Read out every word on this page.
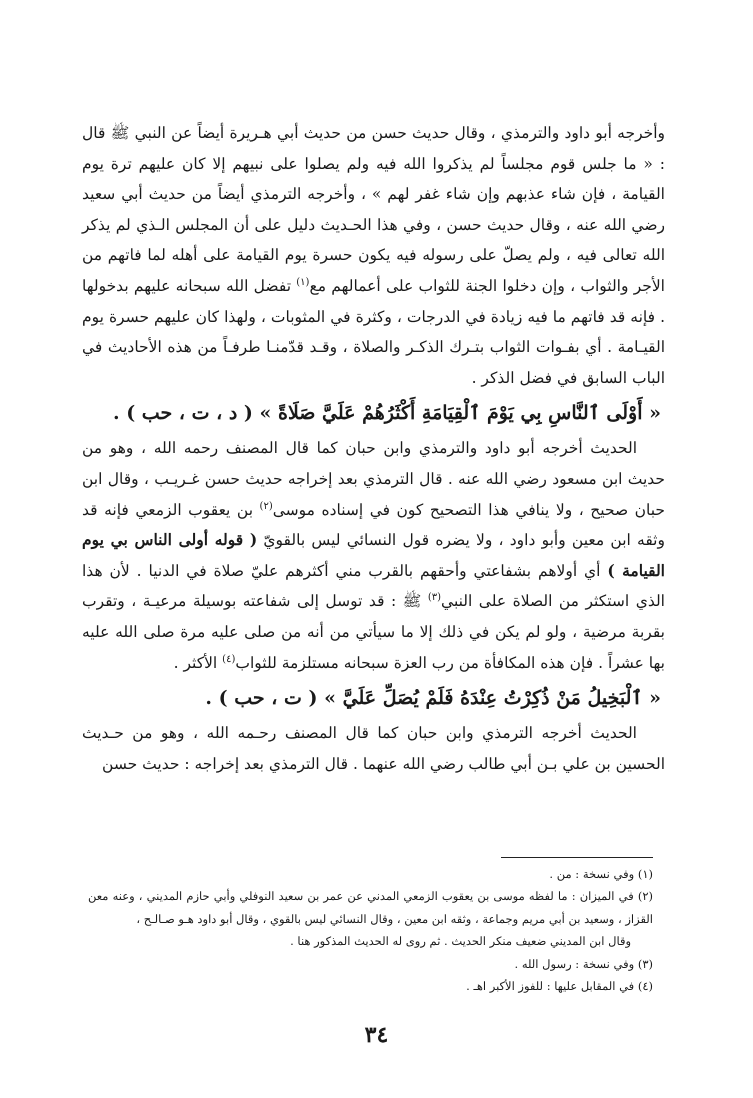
وأخرجه أبو داود والترمذي ، وقال حديث حسن من حديث أبي هـريرة أيضاً عن النبي ﷺ قال : « ما جلس قوم مجلساً لم يذكروا الله فيه ولم يصلوا على نبيهم إلا كان عليهم ترة يوم القيامة ، فإن شاء عذبهم وإن شاء غفر لهم » ، وأخرجه الترمذي أيضاً من حديث أبي سعيد رضي الله عنه ، وقال حديث حسن ، وفي هذا الحـديث دليل على أن المجلس الـذي لم يذكر الله تعالى فيه ، ولم يصلّ على رسوله فيه يكون حسرة يوم القيامة على أهله لما فاتهم من الأجر والثواب ، وإن دخلوا الجنة للثواب على أعمالهم مع$^{(١)}$ تفضل الله سبحانه عليهم بدخولها . فإنه قد فاتهم ما فيه زيادة في الدرجات ، وكثرة في المثوبات ، ولهذا كان عليهم حسرة يوم القيـامة . أي بفـوات الثواب بتـرك الذكـر والصلاة ، وقـد قدّمنـا طرفـاً من هذه الأحاديث في الباب السابق في فضل الذكر .

« أَوْلَى ٱلنَّاسِ بِي يَوْمَ ٱلْقِيَامَةِ أَكْثَرُهُمْ عَلَيَّ صَلَاةً » ( د ، ت ، حب ) .

الحديث أخرجه أبو داود والترمذي وابن حبان كما قال المصنف رحمه الله ، وهو من حديث ابن مسعود رضي الله عنه . قال الترمذي بعد إخراجه حديث حسن غـريـب ، وقال ابن حبان صحيح ، ولا ينافي هذا التصحيح كون في إسناده موسى$^{(٢)}$ بن يعقوب الزمعي فإنه قد وثقه ابن معين وأبو داود ، ولا يضره قول النسائي ليس بالقويّ ( قوله أولى الناس بي يوم القيامة ) أي أولاهم بشفاعتي وأحقهم بالقرب مني أكثرهم عليّ صلاة في الدنيا . لأن هذا الذي استكثر من الصلاة على النبي$^{(٣)}$ ﷺ : قد توسل إلى شفاعته بوسيلة مرعيـة ، وتقرب بقربة مرضية ، ولو لم يكن في ذلك إلا ما سيأتي من أنه من صلى عليه مرة صلى الله عليه بها عشراً . فإن هذه المكافأة من رب العزة سبحانه مستلزمة للثواب$^{(٤)}$ الأكثر .

« ٱلْبَخِيلُ مَنْ ذُكِرْتُ عِنْدَهُ فَلَمْ يُصَلِّ عَلَيَّ » ( ت ، حب ) .

الحديث أخرجه الترمذي وابن حبان كما قال المصنف رحـمه الله ، وهو من حـديث الحسين بن علي بـن أبي طالب رضي الله عنهما . قال الترمذي بعد إخراجه : حديث حسن

(١) وفي نسخة : من .

(٢) في الميزان : ما لفظه موسى بن يعقوب الزمعي المدني عن عمر بن سعيد النوفلي وأبي حازم المديني ، وعنه معن القزاز ، وسعيد بن أبي مريم وجماعة ، وثقه ابن معين ، وقال النسائي ليس بالقوي ، وقال أبو داود هـو صـالـح ،

وقال ابن المديني ضعيف منكر الحديث . ثم روى له الحديث المذكور هنا .

(٣) وفي نسخة : رسول الله .

(٤) في المقابل عليها : للفوز الأكبر اهـ .

٣٤
